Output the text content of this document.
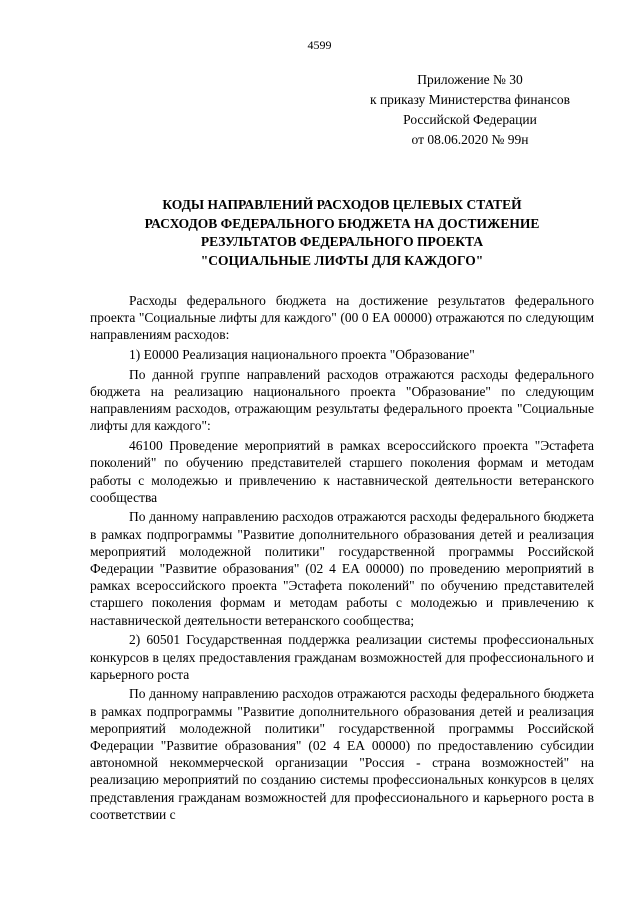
4599
Приложение № 30
к приказу Министерства финансов
Российской Федерации
от 08.06.2020 № 99н
КОДЫ НАПРАВЛЕНИЙ РАСХОДОВ ЦЕЛЕВЫХ СТАТЕЙ
РАСХОДОВ ФЕДЕРАЛЬНОГО БЮДЖЕТА НА ДОСТИЖЕНИЕ
РЕЗУЛЬТАТОВ ФЕДЕРАЛЬНОГО ПРОЕКТА
"СОЦИАЛЬНЫЕ ЛИФТЫ ДЛЯ КАЖДОГО"

Расходы федерального бюджета на достижение результатов федерального проекта "Социальные лифты для каждого" (00 0 EА 00000) отражаются по следующим направлениям расходов:

1) Е0000 Реализация национального проекта "Образование"

По данной группе направлений расходов отражаются расходы федерального бюджета на реализацию национального проекта "Образование" по следующим направлениям расходов, отражающим результаты федерального проекта "Социальные лифты для каждого":

46100 Проведение мероприятий в рамках всероссийского проекта "Эстафета поколений" по обучению представителей старшего поколения формам и методам работы с молодежью и привлечению к наставнической деятельности ветеранского сообщества

По данному направлению расходов отражаются расходы федерального бюджета в рамках подпрограммы "Развитие дополнительного образования детей и реализация мероприятий молодежной политики" государственной программы Российской Федерации "Развитие образования" (02 4 EА 00000) по проведению мероприятий в рамках всероссийского проекта "Эстафета поколений" по обучению представителей старшего поколения формам и методам работы с молодежью и привлечению к наставнической деятельности ветеранского сообщества;

2) 60501 Государственная поддержка реализации системы профессиональных конкурсов в целях предоставления гражданам возможностей для профессионального и карьерного роста

По данному направлению расходов отражаются расходы федерального бюджета в рамках подпрограммы "Развитие дополнительного образования детей и реализация мероприятий молодежной политики" государственной программы Российской Федерации "Развитие образования" (02 4 EА 00000) по предоставлению субсидии автономной некоммерческой организации "Россия - страна возможностей" на реализацию мероприятий по созданию системы профессиональных конкурсов в целях представления гражданам возможностей для профессионального и карьерного роста в соответствии с
